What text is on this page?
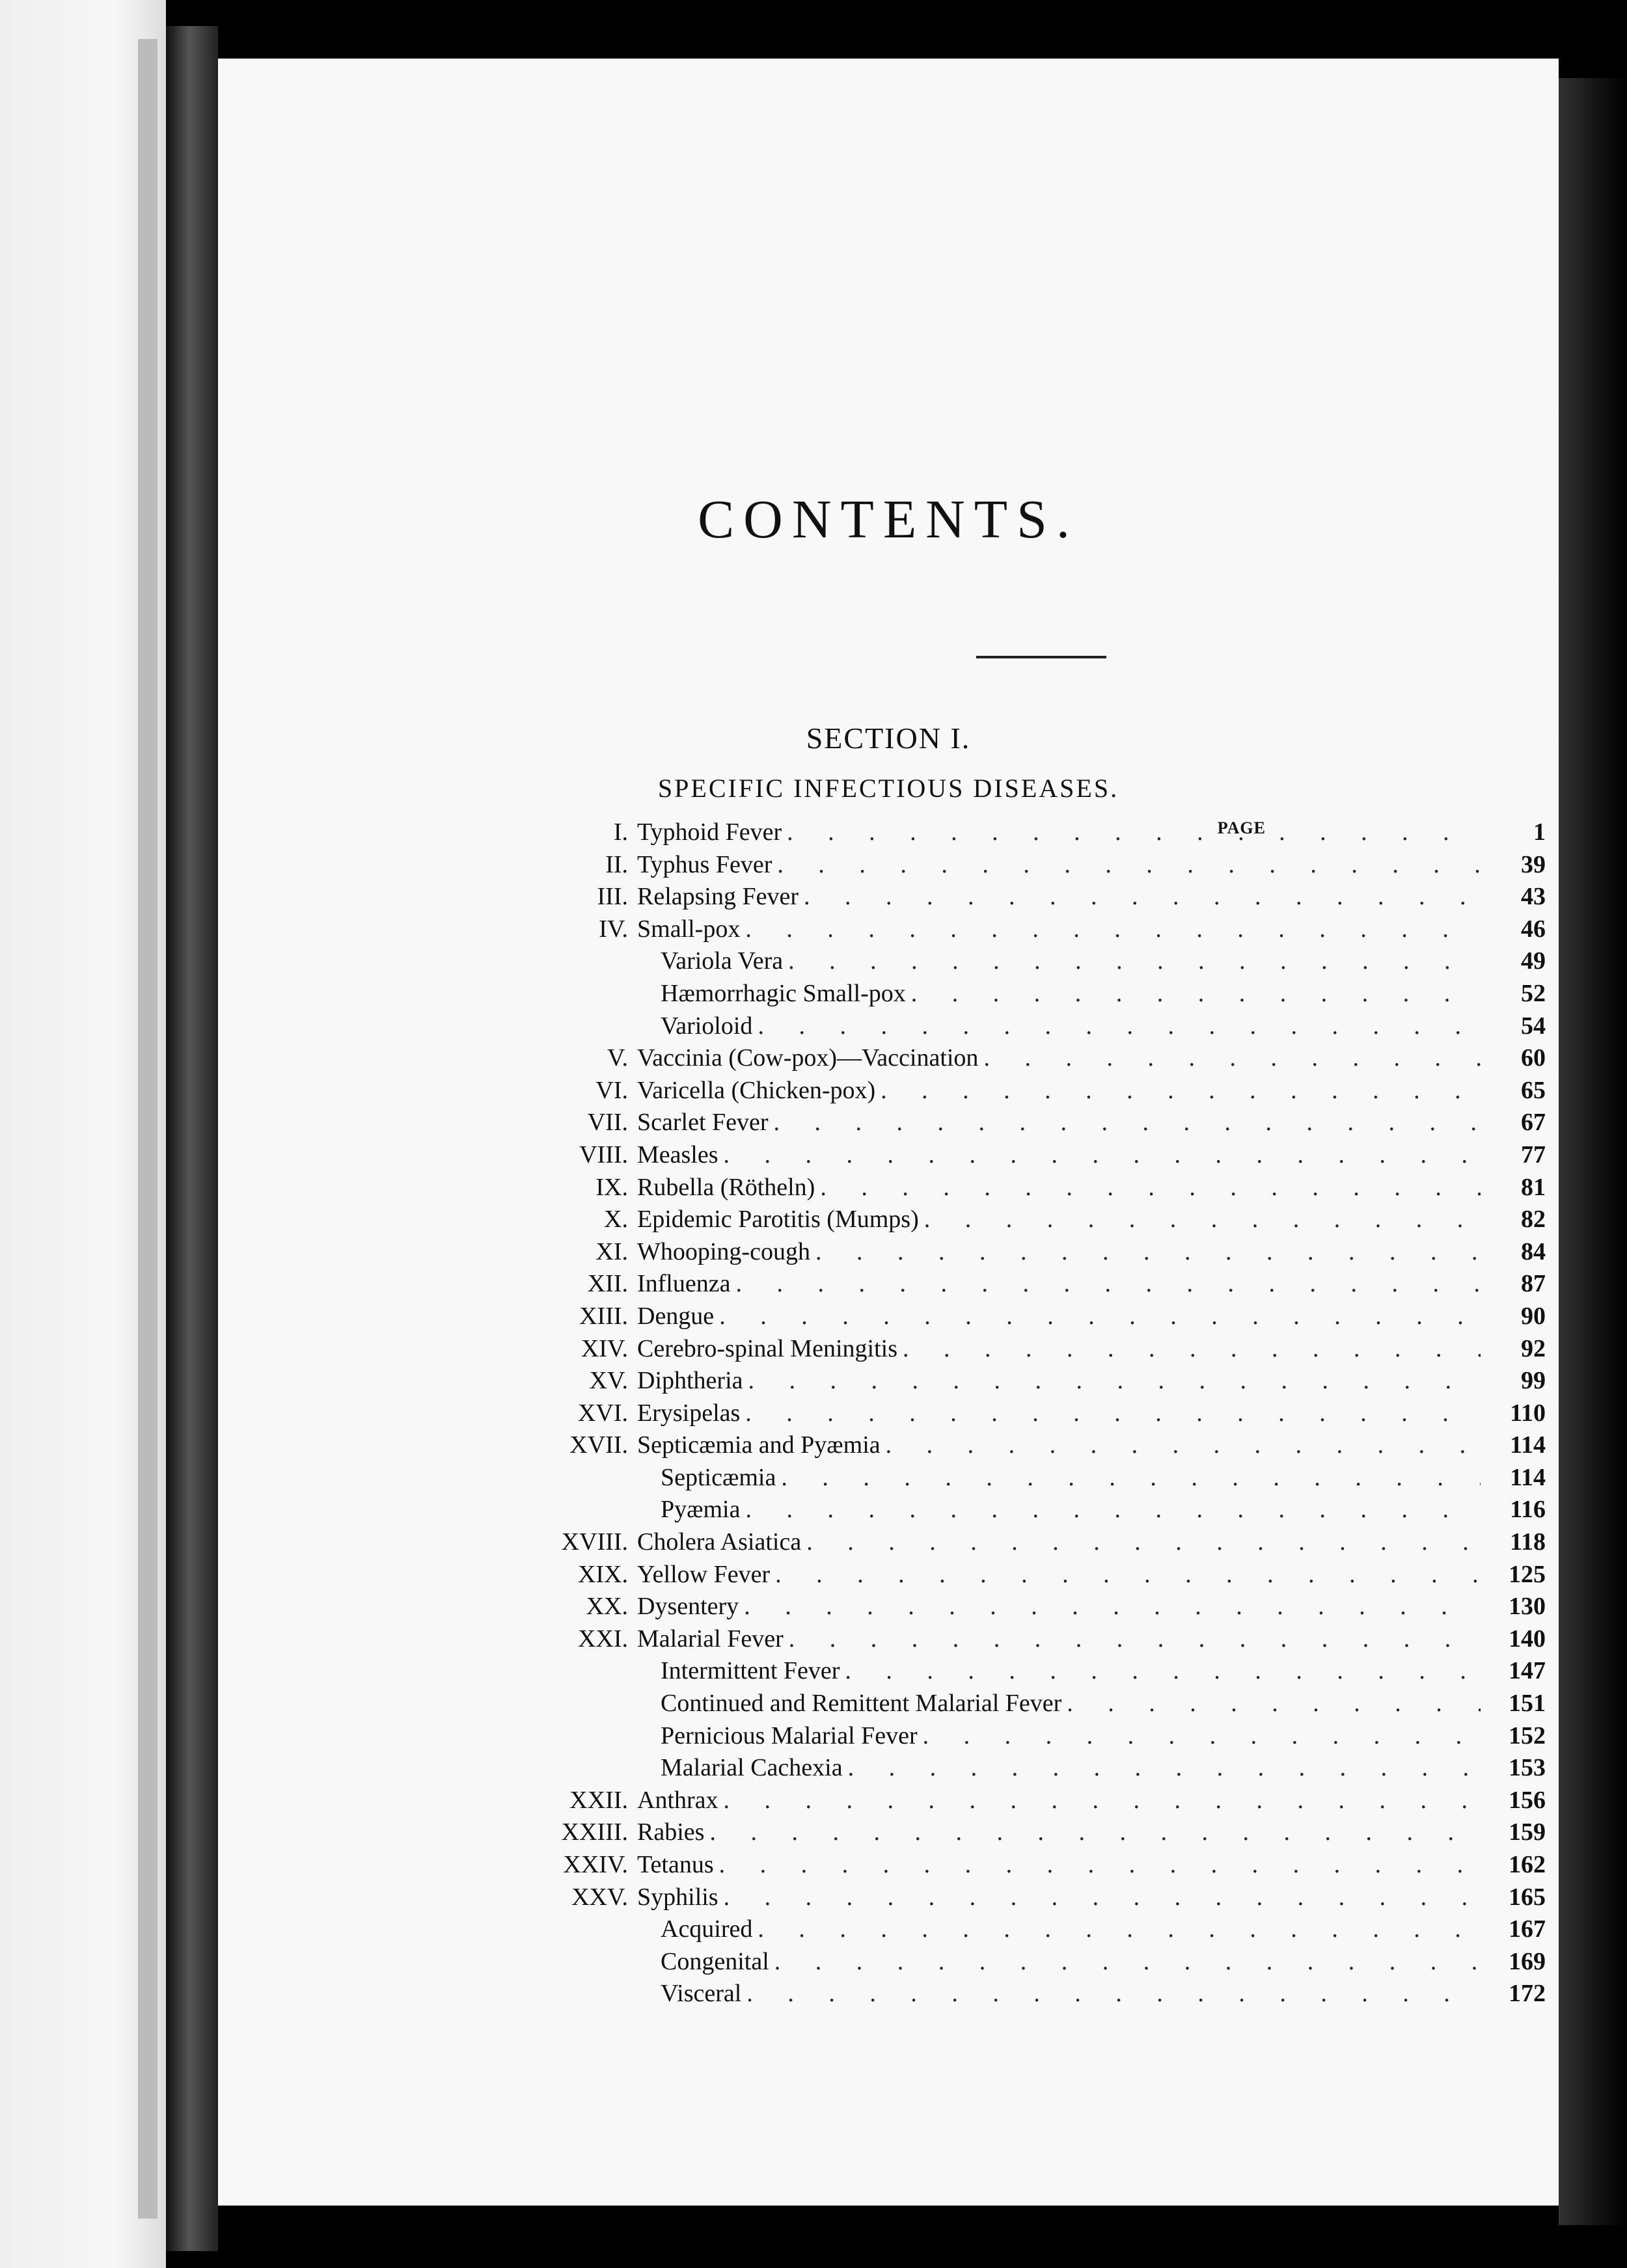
CONTENTS.
SECTION I.
SPECIFIC INFECTIOUS DISEASES.
PAGE
I. Typhoid Fever . . .	1
II. Typhus Fever . . .	39
III. Relapsing Fever . . .	43
IV. Small-pox . . .	46
Variola Vera . . .	49
Hæmorrhagic Small-pox . . .	52
Varioloid . . .	54
V. Vaccinia (Cow-pox)—Vaccination . . .	60
VI. Varicella (Chicken-pox) . . .	65
VII. Scarlet Fever . . .	67
VIII. Measles . . .	77
IX. Rubella (Rötheln) . . .	81
X. Epidemic Parotitis (Mumps) . . .	82
XI. Whooping-cough . . .	84
XII. Influenza . . .	87
XIII. Dengue . . .	90
XIV. Cerebro-spinal Meningitis . . .	92
XV. Diphtheria . . .	99
XVI. Erysipelas . . .	110
XVII. Septicæmia and Pyæmia . . .	114
Septicæmia . . .	114
Pyæmia . . .	116
XVIII. Cholera Asiatica . . .	118
XIX. Yellow Fever . . .	125
XX. Dysentery . . .	130
XXI. Malarial Fever . . .	140
Intermittent Fever . . .	147
Continued and Remittent Malarial Fever . . .	151
Pernicious Malarial Fever . . .	152
Malarial Cachexia . . .	153
XXII. Anthrax . . .	156
XXIII. Rabies . . .	159
XXIV. Tetanus . . .	162
XXV. Syphilis . . .	165
Acquired . . .	167
Congenital . . .	169
Visceral . . .	172
